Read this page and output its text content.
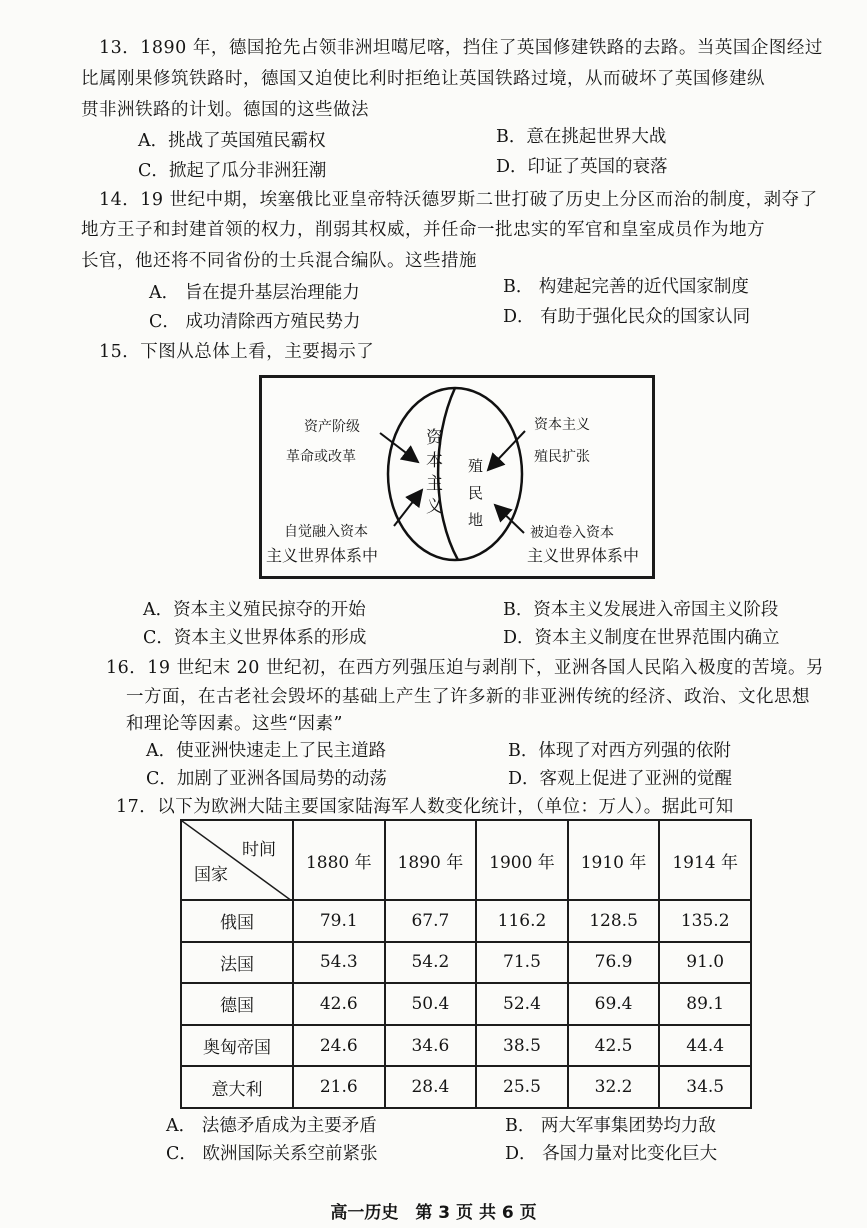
13．1890 年，德国抢先占领非洲坦噶尼喀，挡住了英国修建铁路的去路。当英国企图经过
比属刚果修筑铁路时，德国又迫使比利时拒绝让英国铁路过境，从而破坏了英国修建纵
贯非洲铁路的计划。德国的这些做法
A．挑战了英国殖民霸权	B．意在挑起世界大战
C．掀起了瓜分非洲狂潮	D．印证了英国的衰落
14．19 世纪中期，埃塞俄比亚皇帝特沃德罗斯二世打破了历史上分区而治的制度，剥夺了
地方王子和封建首领的权力，削弱其权威，并任命一批忠实的军官和皇室成员作为地方
长官，他还将不同省份的士兵混合编队。这些措施
A． 旨在提升基层治理能力	B． 构建起完善的近代国家制度
C． 成功清除西方殖民势力	D． 有助于强化民众的国家认同
15．下图从总体上看，主要揭示了
资产阶级
革命或改革
自觉融入资本
主义世界体系中
资本主义
殖民扩张
被迫卷入资本
主义世界体系中
资本主义 殖民地
A．资本主义殖民掠夺的开始	B．资本主义发展进入帝国主义阶段
C．资本主义世界体系的形成	D．资本主义制度在世界范围内确立
16．19 世纪末 20 世纪初，在西方列强压迫与剥削下，亚洲各国人民陷入极度的苦境。另
一方面，在古老社会毁坏的基础上产生了许多新的非亚洲传统的经济、政治、文化思想
和理论等因素。这些“因素”
A．使亚洲快速走上了民主道路	B．体现了对西方列强的依附
C．加剧了亚洲各国局势的动荡	D．客观上促进了亚洲的觉醒
17．以下为欧洲大陆主要国家陆海军人数变化统计，（单位：万人）。据此可知
时间
国家	1880 年	1890 年	1900 年	1910 年	1914 年
俄国	79.1	67.7	116.2	128.5	135.2
法国	54.3	54.2	71.5	76.9	91.0
德国	42.6	50.4	52.4	69.4	89.1
奥匈帝国	24.6	34.6	38.5	42.5	44.4
意大利	21.6	28.4	25.5	32.2	34.5
A． 法德矛盾成为主要矛盾	B． 两大军事集团势均力敌
C． 欧洲国际关系空前紧张	D． 各国力量对比变化巨大
高一历史　第 3 页 共 6 页
